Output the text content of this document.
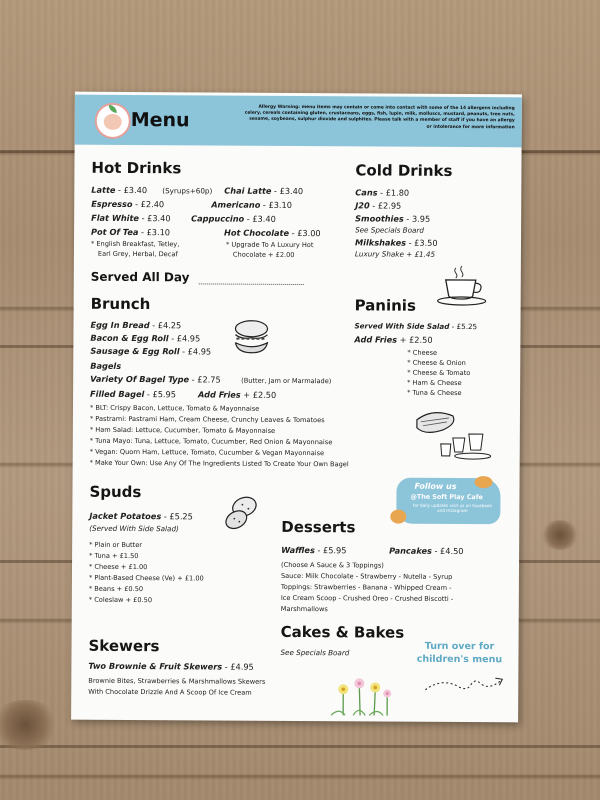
Menu
Allergy Warning: menu items may contain or come into contact with some of the 14 allergens including celery, cereals containing gluten, crustaceans, eggs, fish, lupin, milk, molluscs, mustard, peanuts, tree nuts, sesame, soybeans, sulphur dioxide and sulphites. Please talk with a member of staff if you have an allergy or intolerance for more information
Hot Drinks
Latte - £3.40 (Syrups+60p) Chai Latte - £3.40
Espresso - £2.40	Americano - £3.10
Flat White - £3.40	Cappuccino - £3.40
Pot Of Tea - £3.10	Hot Chocolate - £3.00
* English Breakfast, Tetley,
Earl Grey, Herbal, Decaf
* Upgrade To A Luxury Hot
Chocolate + £2.00
Cold Drinks
Cans - £1.80
J20 - £2.95
Smoothies - 3.95
See Specials Board
Milkshakes - £3.50
Luxury Shake + £1.45
Served All Day
Brunch
Egg In Bread - £4.25
Bacon & Egg Roll - £4.95
Sausage & Egg Roll - £4.95
Bagels
Variety Of Bagel Type - £2.75	(Butter, Jam or Marmalade)
Filled Bagel - £5.95	Add Fries + £2.50
* BLT: Crispy Bacon, Lettuce, Tomato & Mayonnaise
* Pastrami: Pastrami Ham, Cream Cheese, Crunchy Leaves & Tomatoes
* Ham Salad: Lettuce, Cucumber, Tomato & Mayonnaise
* Tuna Mayo: Tuna, Lettuce, Tomato, Cucumber, Red Onion & Mayonnaise
* Vegan: Quorn Ham, Lettuce, Tomato, Cucumber & Vegan Mayonnaise
* Make Your Own: Use Any Of The Ingredients Listed To Create Your Own Bagel
Paninis
Served With Side Salad - £5.25
Add Fries + £2.50
* Cheese
* Cheese & Onion
* Cheese & Tomato
* Ham & Cheese
* Tuna & Cheese
Follow us
@The Soft Play Cafe
for daily updates visit us on Facebook and Instagram
Spuds
Jacket Potatoes - £5.25
(Served With Side Salad)
* Plain or Butter
* Tuna + £1.50
* Cheese + £1.00
* Plant-Based Cheese (Ve) + £1.00
* Beans + £0.50
* Coleslaw + £0.50
Desserts
Waffles - £5.95	Pancakes - £4.50
(Choose A Sauce & 3 Toppings)
Sauce: Milk Chocolate - Strawberry - Nutella - Syrup
Toppings: Strawberries - Banana - Whipped Cream -
Ice Cream Scoop - Crushed Oreo - Crushed Biscotti -
Marshmallows
Cakes & Bakes
See Specials Board
Skewers
Two Brownie & Fruit Skewers - £4.95
Brownie Bites, Strawberries & Marshmallows Skewers
With Chocolate Drizzle And A Scoop Of Ice Cream
Turn over for
children's menu
